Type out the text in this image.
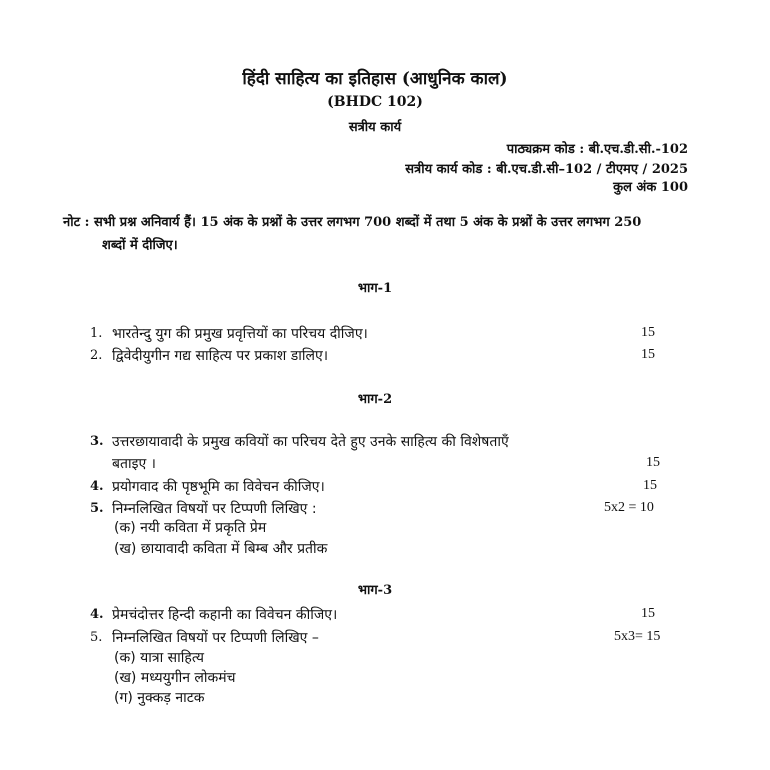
हिंदी साहित्य का इतिहास (आधुनिक काल)
(BHDC 102)
सत्रीय कार्य
पाठ्यक्रम कोड : बी.एच.डी.सी.-102
सत्रीय कार्य कोड : बी.एच.डी.सी–102 / टीएमए / 2025
कुल अंक 100
नोट : सभी प्रश्न अनिवार्य हैं। 15 अंक के प्रश्नों के उत्तर लगभग 700 शब्दों में तथा 5 अंक के प्रश्नों के उत्तर लगभग 250
शब्दों में दीजिए।
भाग-1
1. भारतेन्दु युग की प्रमुख प्रवृत्तियों का परिचय दीजिए।	15
2. द्विवेदीयुगीन गद्य साहित्य पर प्रकाश डालिए।	15
भाग-2
3. उत्तरछायावादी के प्रमुख कवियों का परिचय देते हुए उनके साहित्य की विशेषताएँ
बताइए ।	15
4. प्रयोगवाद की पृष्ठभूमि का विवेचन कीजिए।	15
5. निम्नलिखित विषयों पर टिप्पणी लिखिए :	5x2 = 10
(क) नयी कविता में प्रकृति प्रेम
(ख) छायावादी कविता में बिम्ब और प्रतीक
भाग-3
4. प्रेमचंदोत्तर हिन्दी कहानी का विवेचन कीजिए।	15
5. निम्नलिखित विषयों पर टिप्पणी लिखिए –	5x3= 15
(क) यात्रा साहित्य
(ख) मध्ययुगीन लोकमंच
(ग) नुक्कड़ नाटक
